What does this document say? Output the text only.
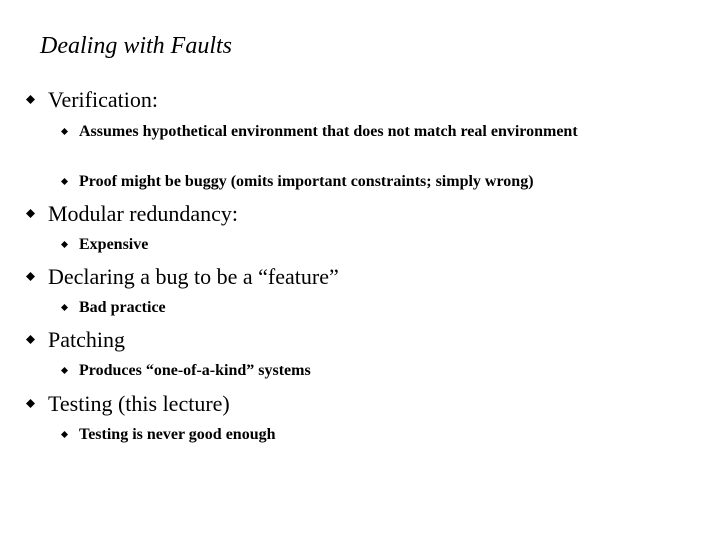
Dealing with Faults
Verification:
Assumes hypothetical environment that does not match real environment
Proof might be buggy (omits important constraints; simply wrong)
Modular redundancy:
Expensive
Declaring a bug to be a “feature”
Bad practice
Patching
Produces “one-of-a-kind” systems
Testing (this lecture)
Testing is never good enough
